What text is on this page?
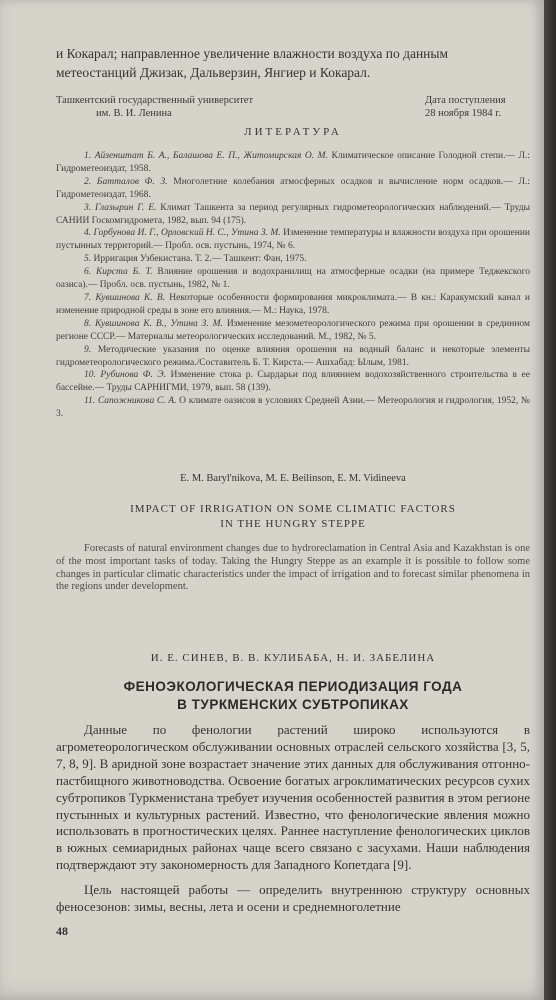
и Кокарал; направленное увеличение влажности воздуха по данным

метеостанций Джизак, Дальверзин, Янгиер и Кокарал.

Ташкентский государственный университет
им. В. И. Ленина
Дата поступления
28 ноября 1984 г.
ЛИТЕРАТУРА

1. Айзенштат Б. А., Балашова Е. П., Житомирская О. М. Климатическое описание Голодной степи.— Л.: Гидрометеоиздат, 1958.

2. Батталов Ф. З. Многолетние колебания атмосферных осадков и вычисление норм осадков.— Л.: Гидрометеоиздат, 1968.

3. Глазырин Г. Е. Климат Ташкента за период регулярных гидрометеорологических наблюдений.— Труды САНИИ Госкомгидромета, 1982, вып. 94 (175).

4. Горбунова И. Г., Орловский Н. С., Утина З. М. Изменение температуры и влажности воздуха при орошении пустынных территорий.— Пробл. осв. пустынь, 1974, № 6.

5. Ирригация Узбекистана. Т. 2.— Ташкент: Фан, 1975.

6. Кирста Б. Т. Влияние орошения и водохранилищ на атмосферные осадки (на примере Теджекского оазиса).— Пробл. осв. пустынь, 1982, № 1.

7. Кувшинова К. В. Некоторые особенности формирования микроклимата.— В кн.: Каракумский канал и изменение природной среды в зоне его влияния.— М.: Наука, 1978.

8. Кувшинова К. В., Утина З. М. Изменение мезометеорологического режима при орошении в срединном регионе СССР.— Материалы метеорологических исследований. М., 1982, № 5.

9. Методические указания по оценке влияния орошения на водный баланс и некоторые элементы гидрометеорологического режима./Составитель Б. Т. Кирста.— Ашхабад: Ылым, 1981.

10. Рубинова Ф. Э. Изменение стока р. Сырдарьи под влиянием водохозяйственного строительства в ее бассейне.— Труды САРНИГМИ, 1979, вып. 58 (139).

11. Сапожникова С. А. О климате оазисов в условиях Средней Азии.— Метеорология и гидрология, 1952, № 3.

E. M. Baryl'nikova, M. E. Beilinson, E. M. Vidineeva
IMPACT OF IRRIGATION ON SOME CLIMATIC FACTORS
IN THE HUNGRY STEPPE

Forecasts of natural environment changes due to hydroreclamation in Central Asia and Kazakhstan is one of the most important tasks of today. Taking the Hungry Steppe as an example it is possible to follow some changes in particular climatic characteristics under the impact of irrigation and to forecast similar phenomena in the regions under development.

И. Е. СИНЕВ, В. В. КУЛИБАБА, Н. И. ЗАБЕЛИНА
ФЕНОЭКОЛОГИЧЕСКАЯ ПЕРИОДИЗАЦИЯ ГОДА
В ТУРКМЕНСКИХ СУБТРОПИКАХ

Данные по фенологии растений широко используются в агрометеорологическом обслуживании основных отраслей сельского хозяйства [3, 5, 7, 8, 9]. В аридной зоне возрастает значение этих данных для обслуживания отгонно-пастбищного животноводства. Освоение богатых агроклиматических ресурсов сухих субтропиков Туркменистана требует изучения особенностей развития в этом регионе пустынных и культурных растений. Известно, что фенологические явления можно использовать в прогностических целях. Раннее наступление фенологических циклов в южных семиаридных районах чаще всего связано с засухами. Наши наблюдения подтверждают эту закономерность для Западного Копетдага [9].

Цель настоящей работы — определить внутреннюю структуру основных феносезонов: зимы, весны, лета и осени и среднемноголетние

48
